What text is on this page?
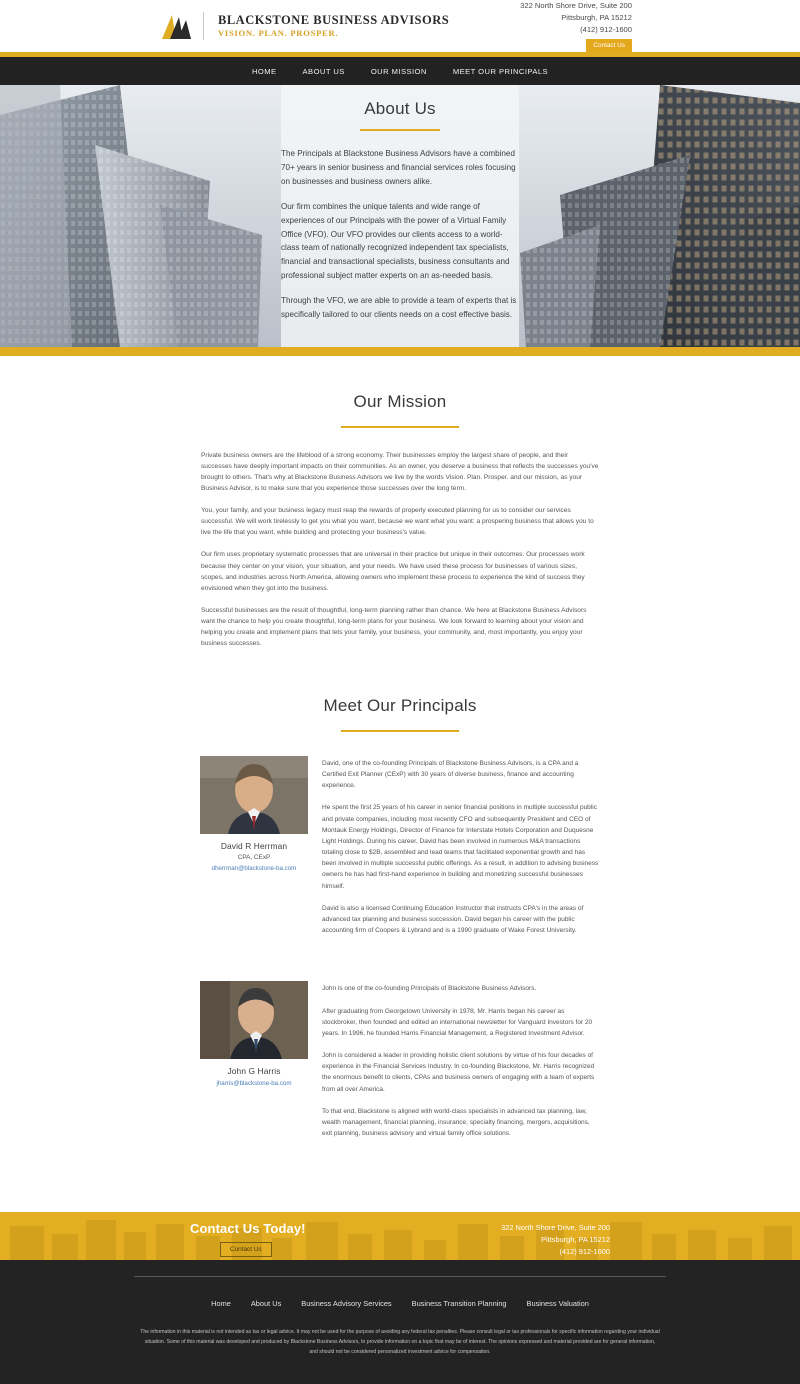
BLACKSTONE BUSINESS ADVISORS
VISION. PLAN. PROSPER.
322 North Shore Drive, Suite 200
Pittsburgh, PA 15212
(412) 912-1600
Contact Us
HOME	ABOUT US	OUR MISSION	MEET OUR PRINCIPALS
About Us

The Principals at Blackstone Business Advisors have a combined 70+ years in senior business and financial services roles focusing on businesses and business owners alike.

Our firm combines the unique talents and wide range of experiences of our Principals with the power of a Virtual Family Office (VFO). Our VFO provides our clients access to a world-class team of nationally recognized independent tax specialists, financial and transactional specialists, business consultants and professional subject matter experts on an as-needed basis.

Through the VFO, we are able to provide a team of experts that is specifically tailored to our clients needs on a cost effective basis.

Our Mission

Private business owners are the lifeblood of a strong economy. Their businesses employ the largest share of people, and their successes have deeply important impacts on their communities. As an owner, you deserve a business that reflects the successes you've brought to others. That's why at Blackstone Business Advisors we live by the words Vision. Plan. Prosper. and our mission, as your Business Advisor, is to make sure that you experience those successes over the long term.

You, your family, and your business legacy must reap the rewards of properly executed planning for us to consider our services successful. We will work tirelessly to get you what you want, because we want what you want: a prospering business that allows you to live the life that you want, while building and protecting your business's value.

Our firm uses proprietary systematic processes that are universal in their practice but unique in their outcomes. Our processes work because they center on your vision, your situation, and your needs. We have used these process for businesses of various sizes, scopes, and industries across North America, allowing owners who implement these process to experience the kind of success they envisioned when they got into the business.

Successful businesses are the result of thoughtful, long-term planning rather than chance. We here at Blackstone Business Advisors want the chance to help you create thoughtful, long-term plans for your business. We look forward to learning about your vision and helping you create and implement plans that lets your family, your business, your community, and, most importantly, you enjoy your business successes.

Meet Our Principals
David R Herrman
CPA, CExP
dherrman@blackstone-ba.com

David, one of the co-founding Principals of Blackstone Business Advisors, is a CPA and a Certified Exit Planner (CExP) with 30 years of diverse business, finance and accounting experience.

He spent the first 25 years of his career in senior financial positions in multiple successful public and private companies, including most recently CFO and subsequently President and CEO of Montauk Energy Holdings, Director of Finance for Interstate Hotels Corporation and Duquesne Light Holdings. During his career, David has been involved in numerous M&A transactions totaling close to $2B, assembled and lead teams that facilitated exponential growth and has been involved in multiple successful public offerings. As a result, in addition to advising business owners he has had first-hand experience in building and monetizing successful businesses himself.

David is also a licensed Continuing Education Instructor that instructs CPA's in the areas of advanced tax planning and business succession. David began his career with the public accounting firm of Coopers & Lybrand and is a 1990 graduate of Wake Forest University.

John G Harris
jharris@blackstone-ba.com

John is one of the co-founding Principals of Blackstone Business Advisors.

After graduating from Georgetown University in 1978, Mr. Harris began his career as stockbroker, then founded and edited an international newsletter for Vanguard Investors for 20 years. In 1996, he founded Harris Financial Management, a Registered Investment Advisor.

John is considered a leader in providing holistic client solutions by virtue of his four decades of experience in the Financial Services Industry. In co-founding Blackstone, Mr. Harris recognized the enormous benefit to clients, CPAs and business owners of engaging with a team of experts from all over America.

To that end, Blackstone is aligned with world-class specialists in advanced tax planning, law, wealth management, financial planning, insurance, specialty financing, mergers, acquisitions, exit planning, business advisory and virtual family office solutions.

Contact Us Today!
Contact Us
322 North Shore Drive, Suite 200
Pittsburgh, PA 15212
(412) 912-1600
Home	About Us	Business Advisory Services	Business Transition Planning	Business Valuation
The information in this material is not intended as tax or legal advice. It may not be used for the purpose of avoiding any federal tax penalties. Please consult legal or tax professionals for specific information regarding your individual situation. Some of this material was developed and produced by Blackstone Business Advisors, to provide information on a topic that may be of interest. The opinions expressed and material provided are for general information, and should not be considered personalized investment advice for compensation.
